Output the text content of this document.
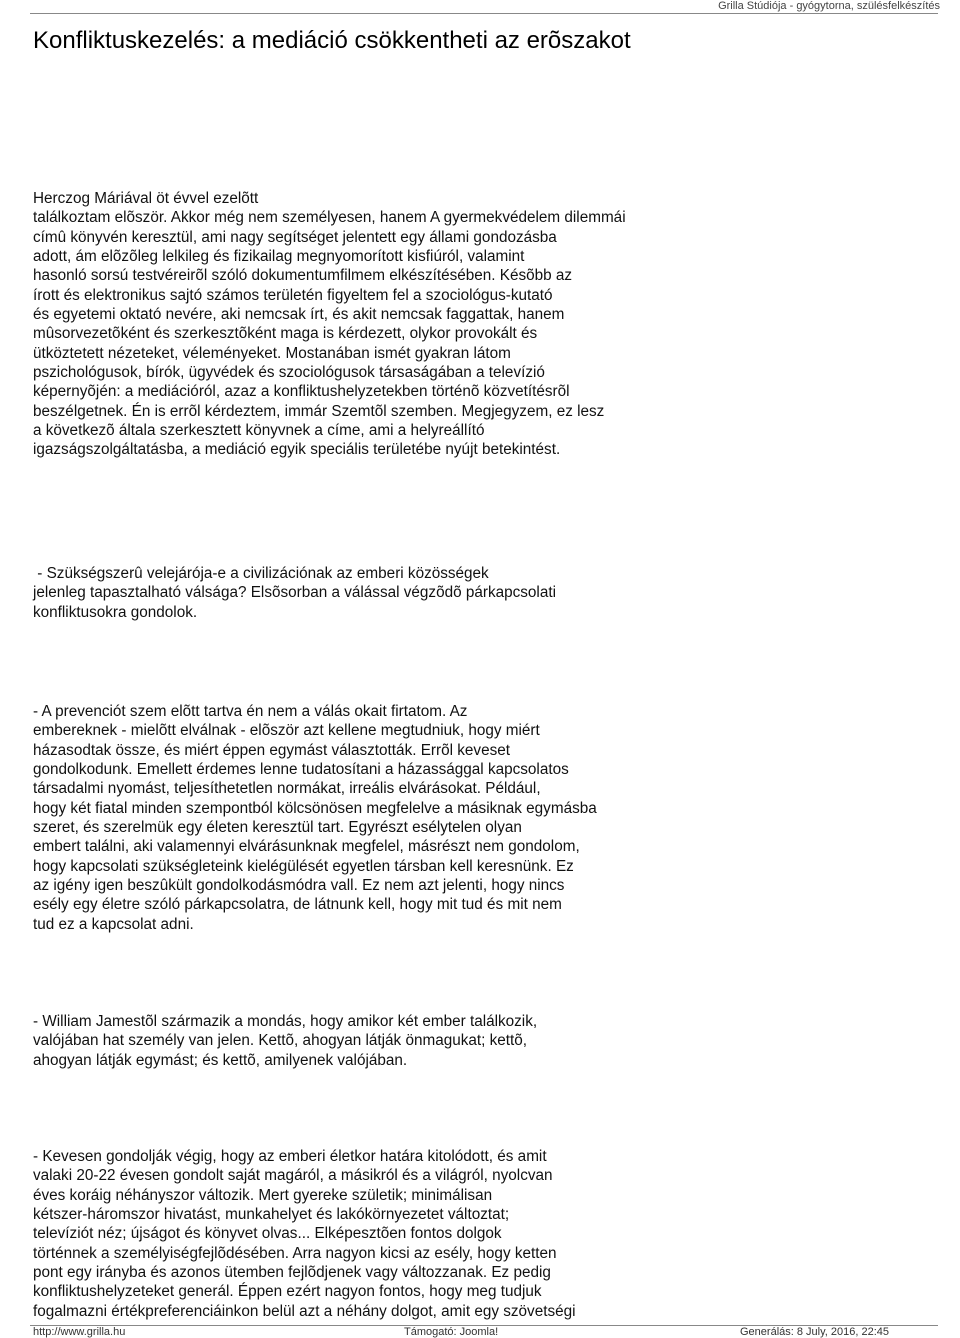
Grilla Stúdiója - gyógytorna, szülésfelkészítés
Konfliktuskezelés: a mediáció csökkentheti az erõszakot
Herczog Máriával öt évvel ezelõtt
találkoztam elõször. Akkor még nem személyesen, hanem A gyermekvédelem dilemmái
címû könyvén keresztül, ami nagy segítséget jelentett egy állami gondozásba
adott, ám elõzõleg lelkileg és fizikailag megnyomorított kisfiúról, valamint
hasonló sorsú testvéreirõl szóló dokumentumfilmem elkészítésében. Késõbb az
írott és elektronikus sajtó számos területén figyeltem fel a szociológus-kutató
és egyetemi oktató nevére, aki nemcsak írt, és akit nemcsak faggattak, hanem
mûsorvezetõként és szerkesztõként maga is kérdezett, olykor provokált és
ütköztetett nézeteket, véleményeket. Mostanában ismét gyakran látom
pszichológusok, bírók, ügyvédek és szociológusok társaságában a televízió
képernyõjén: a mediációról, azaz a konfliktushelyzetekben történõ közvetítésrõl
beszélgetnek. Én is errõl kérdeztem, immár Szemtõl szemben. Megjegyzem, ez lesz
a következõ általa szerkesztett könyvnek a címe, ami a helyreállító
igazságszolgáltatásba, a mediáció egyik speciális területébe nyújt betekintést.
- Szükségszerû velejárója-e a civilizációnak az emberi közösségek
jelenleg tapasztalható válsága? Elsõsorban a válással végzõdõ párkapcsolati
konfliktusokra gondolok.
- A prevenciót szem elõtt tartva én nem a válás okait firtatom. Az
embereknek - mielõtt elválnak - elõször azt kellene megtudniuk, hogy miért
házasodtak össze, és miért éppen egymást választották. Errõl keveset
gondolkodunk. Emellett érdemes lenne tudatosítani a házassággal kapcsolatos
társadalmi nyomást, teljesíthetetlen normákat, irreális elvárásokat. Például,
hogy két fiatal minden szempontból kölcsönösen megfelelve a másiknak egymásba
szeret, és szerelmük egy életen keresztül tart. Egyrészt esélytelen olyan
embert találni, aki valamennyi elvárásunknak megfelel, másrészt nem gondolom,
hogy kapcsolati szükségleteink kielégülését egyetlen társban kell keresnünk. Ez
az igény igen beszûkült gondolkodásmódra vall. Ez nem azt jelenti, hogy nincs
esély egy életre szóló párkapcsolatra, de látnunk kell, hogy mit tud és mit nem
tud ez a kapcsolat adni.
- William Jamestõl származik a mondás, hogy amikor két ember találkozik,
valójában hat személy van jelen. Kettõ, ahogyan látják önmagukat; kettõ,
ahogyan látják egymást; és kettõ, amilyenek valójában.
- Kevesen gondolják végig, hogy az emberi életkor határa kitolódott, és amit
valaki 20-22 évesen gondolt saját magáról, a másikról és a világról, nyolcvan
éves koráig néhányszor változik. Mert gyereke születik; minimálisan
kétszer-háromszor hivatást, munkahelyet és lakókörnyezetet változtat;
televíziót néz; újságot és könyvet olvas... Elképesztõen fontos dolgok
történnek a személyiségfejlõdésében. Arra nagyon kicsi az esély, hogy ketten
pont egy irányba és azonos ütemben fejlõdjenek vagy változzanak. Ez pedig
konfliktushelyzeteket generál. Éppen ezért nagyon fontos, hogy meg tudjuk
fogalmazni értékpreferenciáinkon belül azt a néhány dolgot, amit egy szövetségi
http://www.grilla.hu	Támogató: Joomla!	Generálás: 8 July, 2016, 22:45
